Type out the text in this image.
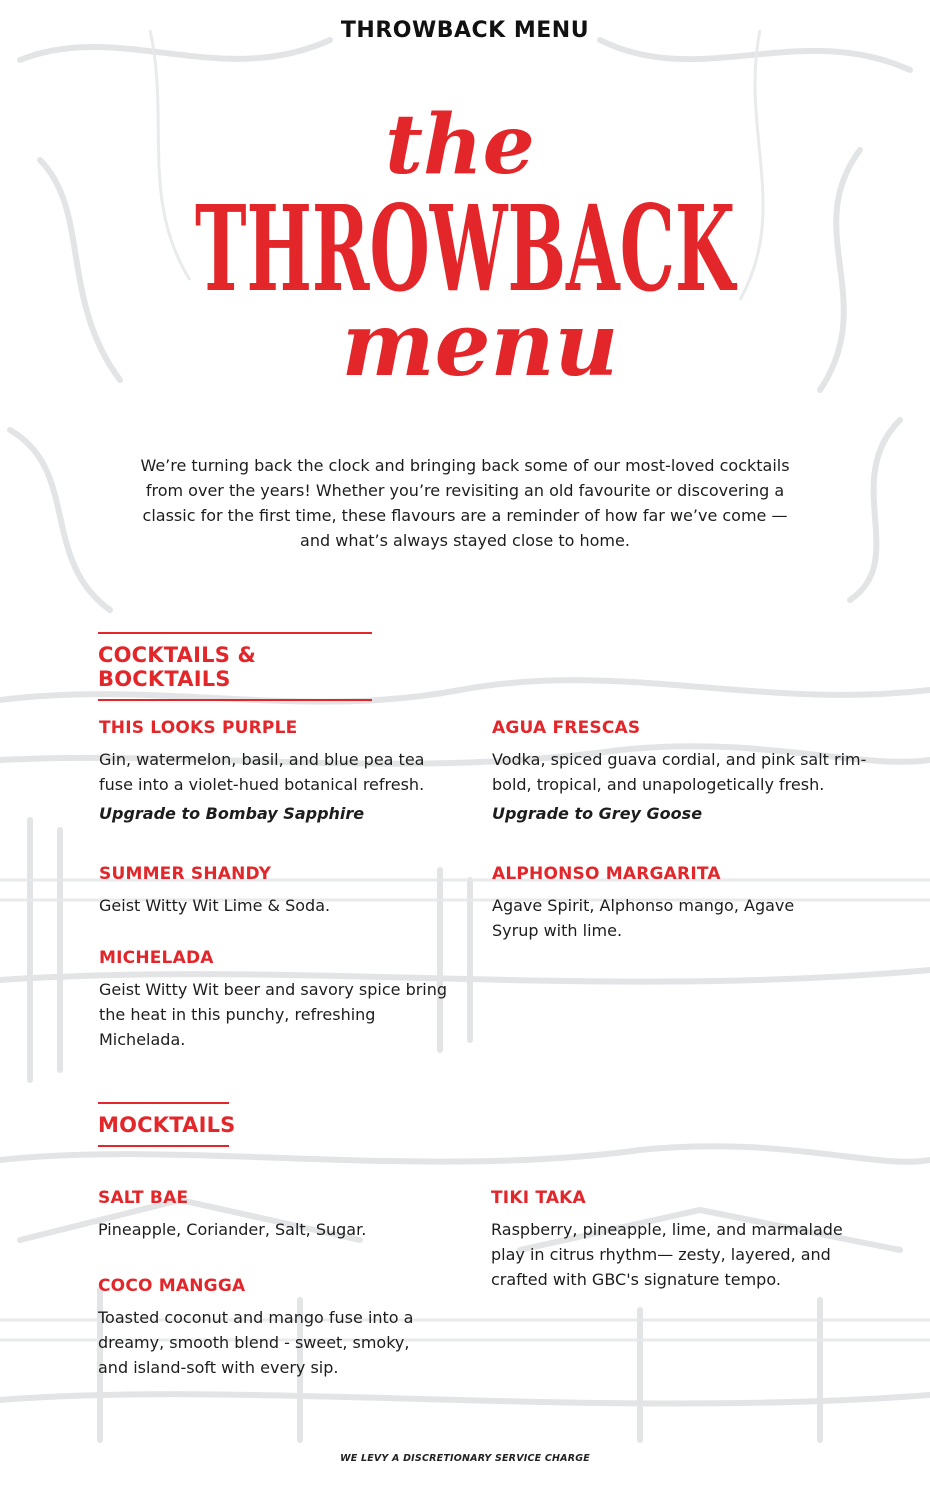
THROWBACK MENU
the
THROWBACK
menu
We’re turning back the clock and bringing back some of our most-loved cocktails from over the years! Whether you’re revisiting an old favourite or discovering a classic for the first time, these flavours are a reminder of how far we’ve come — and what’s always stayed close to home.
COCKTAILS & BOCKTAILS
THIS LOOKS PURPLE
Gin, watermelon, basil, and blue pea tea fuse into a violet-hued botanical refresh.
Upgrade to Bombay Sapphire
AGUA FRESCAS
Vodka, spiced guava cordial, and pink salt rim-bold, tropical, and unapologetically fresh.
Upgrade to Grey Goose
SUMMER SHANDY
Geist Witty Wit Lime & Soda.
ALPHONSO MARGARITA
Agave Spirit, Alphonso mango, Agave Syrup with lime.
MICHELADA
Geist Witty Wit beer and savory spice bring the heat in this punchy, refreshing Michelada.
MOCKTAILS
SALT BAE
Pineapple, Coriander, Salt, Sugar.
TIKI TAKA
Raspberry, pineapple, lime, and marmalade play in citrus rhythm— zesty, layered, and crafted with GBC's signature tempo.
COCO MANGGA
Toasted coconut and mango fuse into a dreamy, smooth blend - sweet, smoky, and island-soft with every sip.
WE LEVY A DISCRETIONARY SERVICE CHARGE
